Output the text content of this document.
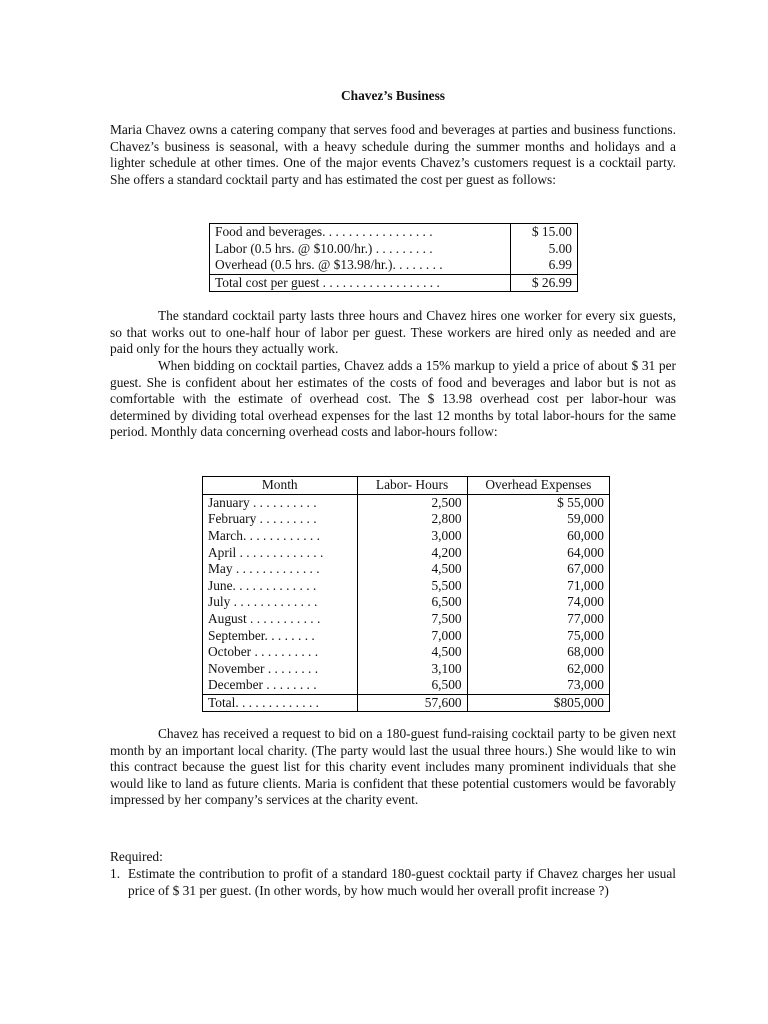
Chavez’s Business

Maria Chavez owns a catering company that serves food and beverages at parties and business functions. Chavez’s business is seasonal, with a heavy schedule during the summer months and holidays and a lighter schedule at other times. One of the major events Chavez’s customers request is a cocktail party. She offers a standard cocktail party and has estimated the cost per guest as follows:

Food and beverages. . . . . . . . . . . . . . . . .	$ 15.00
Labor (0.5 hrs. @ $10.00/hr.) . . . . . . . . .	5.00
Overhead (0.5 hrs. @ $13.98/hr.). . . . . . . .	6.99
Total cost per guest . . . . . . . . . . . . . . . . . .	$ 26.99

The standard cocktail party lasts three hours and Chavez hires one worker for every six guests, so that works out to one-half hour of labor per guest. These workers are hired only as needed and are paid only for the hours they actually work.

When bidding on cocktail parties, Chavez adds a 15% markup to yield a price of about $ 31 per guest. She is confident about her estimates of the costs of food and beverages and labor but is not as comfortable with the estimate of overhead cost. The $ 13.98 overhead cost per labor-hour was determined by dividing total overhead expenses for the last 12 months by total labor-hours for the same period. Monthly data concerning overhead costs and labor-hours follow:

Month	Labor- Hours	Overhead Expenses
January . . . . . . . . . .	2,500	$ 55,000
February . . . . . . . . .	2,800	59,000
March. . . . . . . . . . . .	3,000	60,000
April . . . . . . . . . . . . .	4,200	64,000
May . . . . . . . . . . . . .	4,500	67,000
June. . . . . . . . . . . . .	5,500	71,000
July . . . . . . . . . . . . .	6,500	74,000
August . . . . . . . . . . .	7,500	77,000
September. . . . . . . .	7,000	75,000
October . . . . . . . . . .	4,500	68,000
November . . . . . . . .	3,100	62,000
December . . . . . . . .	6,500	73,000
Total. . . . . . . . . . . . .	57,600	$805,000

Chavez has received a request to bid on a 180-guest fund-raising cocktail party to be given next month by an important local charity. (The party would last the usual three hours.) She would like to win this contract because the guest list for this charity event includes many prominent individuals that she would like to land as future clients. Maria is confident that these potential customers would be favorably impressed by her company’s services at the charity event.

Required:
1. Estimate the contribution to profit of a standard 180-guest cocktail party if Chavez charges her usual price of $ 31 per guest. (In other words, by how much would her overall profit increase ?)
